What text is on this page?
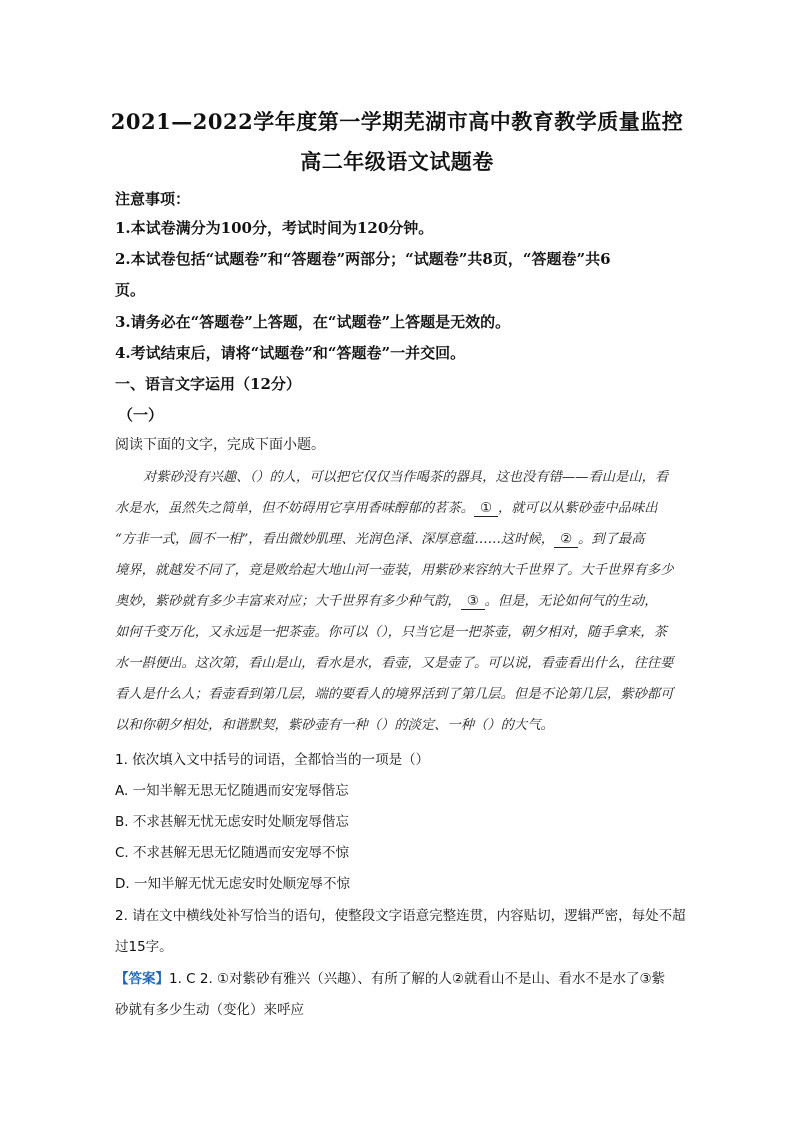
2021—2022学年度第一学期芜湖市高中教育教学质量监控
高二年级语文试题卷
注意事项：
1.本试卷满分为100分，考试时间为120分钟。
2.本试卷包括“试题卷”和“答题卷”两部分；“试题卷”共8页，“答题卷”共6
页。
3.请务必在“答题卷”上答题，在“试题卷”上答题是无效的。
4.考试结束后，请将“试题卷”和“答题卷”一并交回。
一、语言文字运用（12分）
（一）
阅读下面的文字，完成下面小题。
对紫砂没有兴趣、（）的人，可以把它仅仅当作喝茶的器具，这也没有错——看山是山，看
水是水，虽然失之简单，但不妨碍用它享用香味醇郁的茗茶。 ① ，就可以从紫砂壶中品味出
“方非一式，圆不一相”，看出微妙肌理、光润色泽、深厚意蕴……这时候， ② 。到了最高
境界，就越发不同了，竟是败给起大地山河一壶装，用紫砂来容纳大千世界了。大千世界有多少
奥妙，紫砂就有多少丰富来对应；大千世界有多少种气韵， ③ 。但是，无论如何气的生动，
如何千变万化，又永远是一把茶壶。你可以（），只当它是一把茶壶，朝夕相对，随手拿来，茶
水一斟便出。这次第，看山是山，看水是水，看壶，又是壶了。可以说，看壶看出什么，往往要
看人是什么人；看壶看到第几层，端的要看人的境界活到了第几层。但是不论第几层，紫砂都可
以和你朝夕相处，和谐默契，紫砂壶有一种（）的淡定、一种（）的大气。
1. 依次填入文中括号的词语，全都恰当的一项是（）
A. 一知半解无思无忆随遇而安宠辱偕忘
B. 不求甚解无忧无虑安时处顺宠辱偕忘
C. 不求甚解无思无忆随遇而安宠辱不惊
D. 一知半解无忧无虑安时处顺宠辱不惊
2. 请在文中横线处补写恰当的语句，使整段文字语意完整连贯，内容贴切，逻辑严密，每处不超
过15字。
【答案】1. C 2. ①对紫砂有雅兴（兴趣）、有所了解的人②就看山不是山、看水不是水了③紫
砂就有多少生动（变化）来呼应
